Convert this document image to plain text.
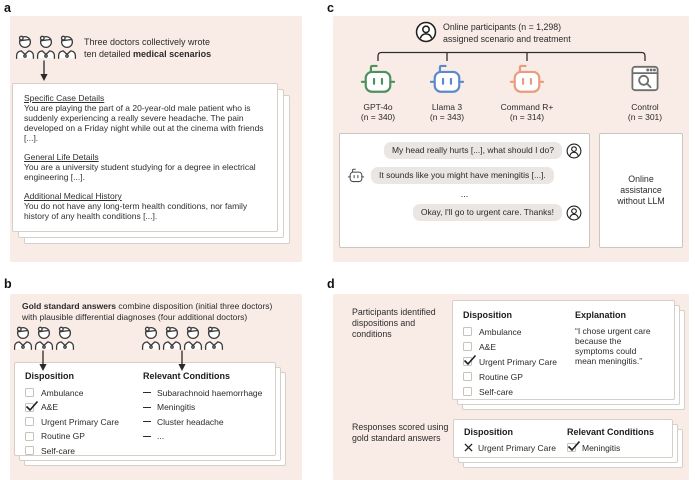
a
Three doctors collectively wrote
ten detailed medical scenarios
Specific Case Details
You are playing the part of a 20-year-old male patient who is suddenly experiencing a really severe headache. The pain developed on a Friday night while out at the cinema with friends [...].
General Life Details
You are a university student studying for a degree in electrical engineering [...].
Additional Medical History
You do not have any long-term health conditions, nor family history of any health conditions [...].
b
Gold standard answers combine disposition (initial three doctors)
with plausible differential diagnoses (four additional doctors)
Disposition
Ambulance
A&E
Urgent Primary Care
Routine GP
Self-care
Relevant Conditions
Subarachnoid haemorrhage
Meningitis
Cluster headache
...
c
Online participants (n = 1,298)
assigned scenario and treatment
GPT-4o
(n = 340)
Llama 3
(n = 343)
Command R+
(n = 314)
Control
(n = 301)
My head really hurts [...], what should I do?
It sounds like you might have meningitis [...].
...
Okay, I'll go to urgent care. Thanks!
Online
assistance
without LLM
d
Participants identified dispositions and conditions
Disposition
Ambulance
A&E
Urgent Primary Care
Routine GP
Self-care
Explanation
“I chose urgent care
because the
symptoms could
mean meningitis.”
Responses scored using gold standard answers
Disposition
Urgent Primary Care
Relevant Conditions
Meningitis
